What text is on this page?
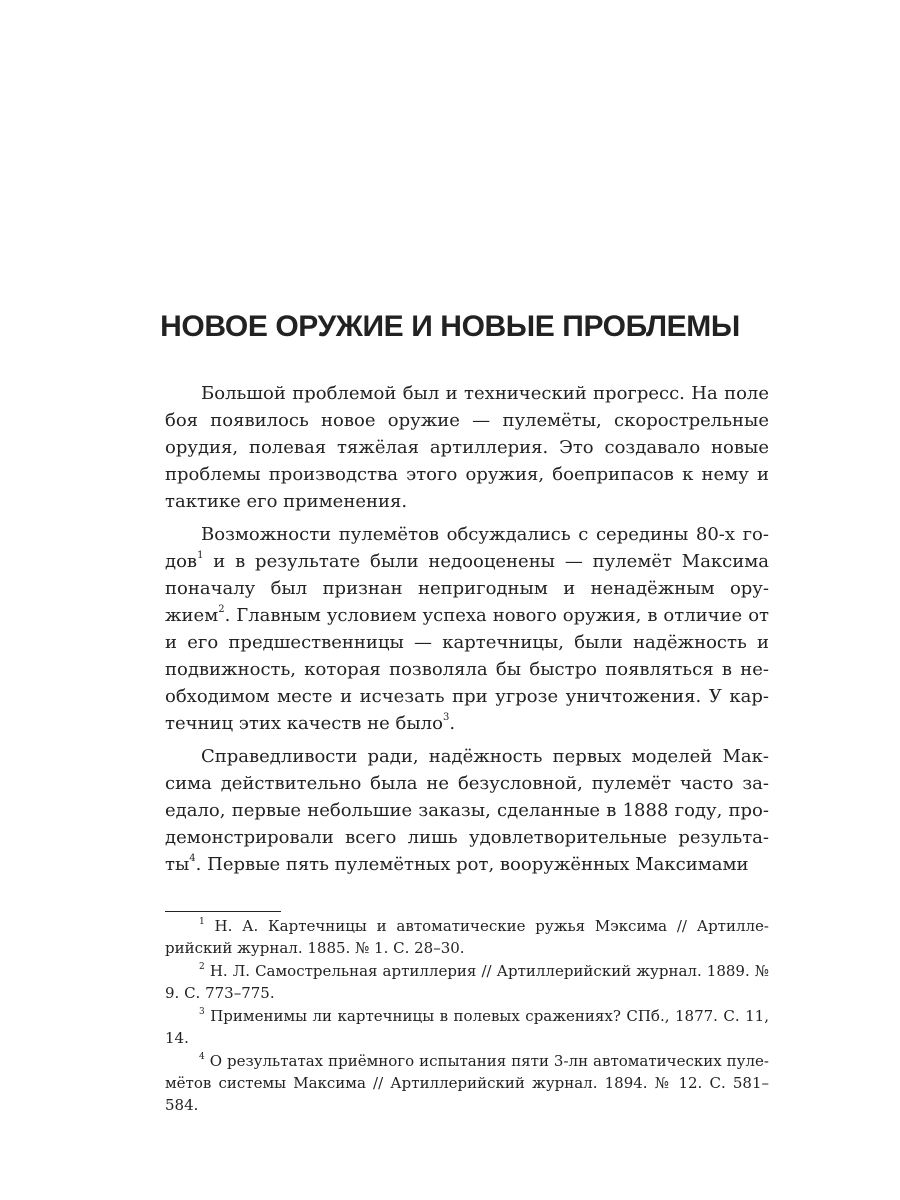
НОВОЕ ОРУЖИЕ И НОВЫЕ ПРОБЛЕМЫ

Большой проблемой был и технический прогресс. На поле боя появилось новое оружие — пулемёты, скорострельные орудия, полевая тяжёлая артиллерия. Это создавало новые проблемы производства этого оружия, боеприпасов к нему и тактике его применения.

Возможности пулемётов обсуждались с середины 80-х годов$^1$ и в результате были недооценены — пулемёт Максима поначалу был признан непригодным и ненадёжным оружием$^2$. Главным условием успеха нового оружия, в отличие от и его предшественницы — картечницы, были надёжность и подвижность, которая позволяла бы быстро появляться в необходимом месте и исчезать при угрозе уничтожения. У картечниц этих качеств не было$^3$.

Справедливости ради, надёжность первых моделей Максима действительно была не безусловной, пулемёт часто заедало, первые небольшие заказы, сделанные в 1888 году, продемонстрировали всего лишь удовлетворительные результаты$^4$. Первые пять пулемётных рот, вооружённых Максимами

$^1$ Н. А. Картечницы и автоматические ружья Мэксима // Артиллерийский журнал. 1885. № 1. С. 28–30.

$^2$ Н. Л. Самострельная артиллерия // Артиллерийский журнал. 1889. № 9. С. 773–775.

$^3$ Применимы ли картечницы в полевых сражениях? СПб., 1877. С. 11, 14.

$^4$ О результатах приёмного испытания пяти 3-лн автоматических пулемётов системы Максима // Артиллерийский журнал. 1894. № 12. С. 581–584.
